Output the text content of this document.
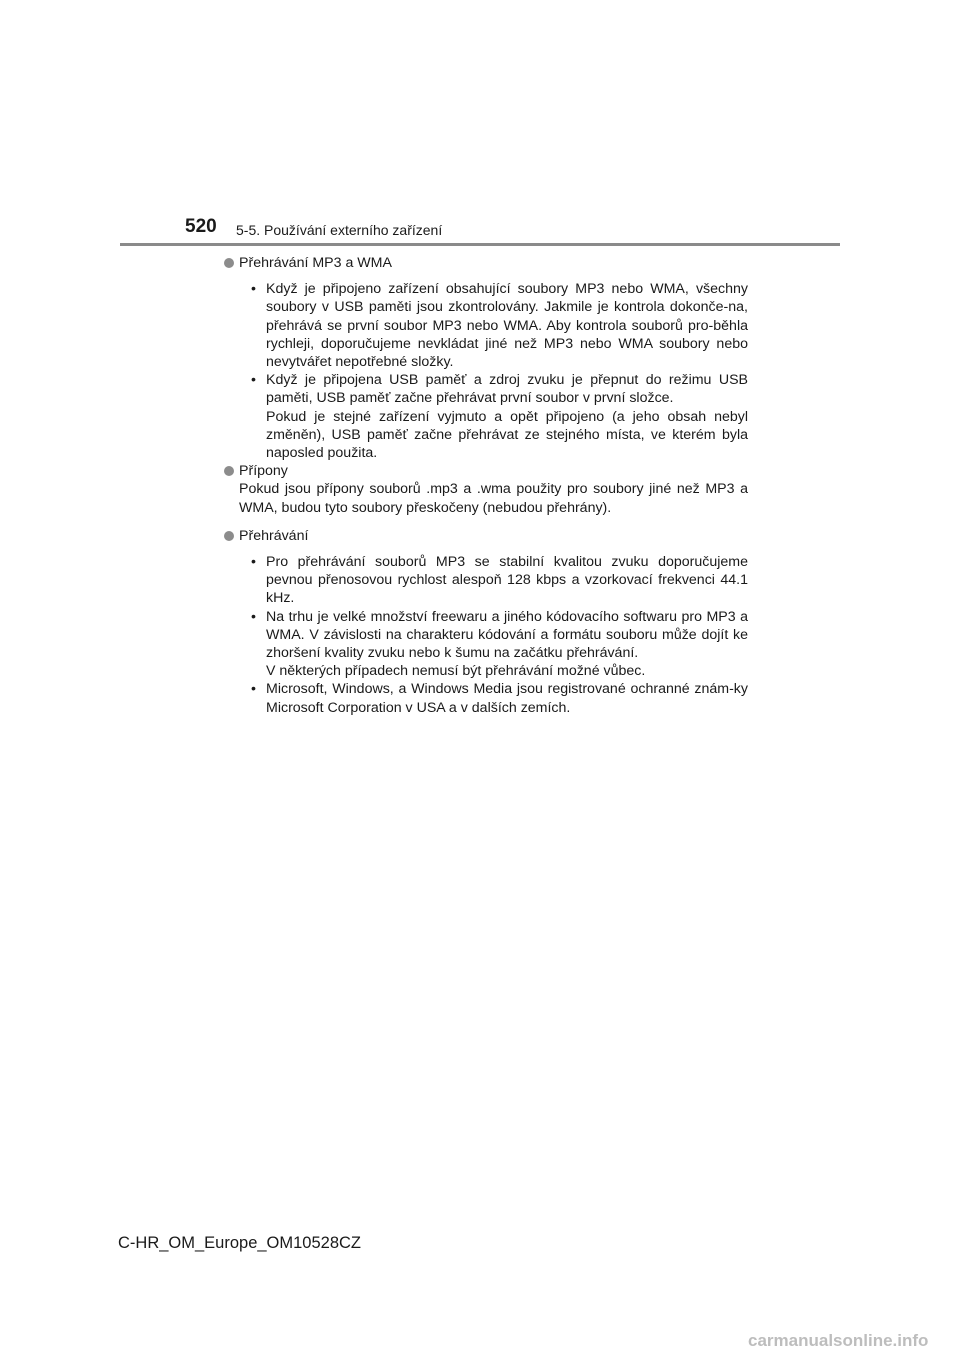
520 5-5. Používání externího zařízení
Přehrávání MP3 a WMA
• Když je připojeno zařízení obsahující soubory MP3 nebo WMA, všechny soubory v USB paměti jsou zkontrolovány. Jakmile je kontrola dokonče-na, přehrává se první soubor MP3 nebo WMA. Aby kontrola souborů pro-běhla rychleji, doporučujeme nevkládat jiné než MP3 nebo WMA soubory nebo nevytvářet nepotřebné složky.
• Když je připojena USB paměť a zdroj zvuku je přepnut do režimu USB paměti, USB paměť začne přehrávat první soubor v první složce.
Pokud je stejné zařízení vyjmuto a opět připojeno (a jeho obsah nebyl změněn), USB paměť začne přehrávat ze stejného místa, ve kterém byla naposled použita.
Přípony
Pokud jsou přípony souborů .mp3 a .wma použity pro soubory jiné než MP3 a WMA, budou tyto soubory přeskočeny (nebudou přehrány).
Přehrávání
• Pro přehrávání souborů MP3 se stabilní kvalitou zvuku doporučujeme pevnou přenosovou rychlost alespoň 128 kbps a vzorkovací frekvenci 44.1 kHz.
• Na trhu je velké množství freewaru a jiného kódovacího softwaru pro MP3 a WMA. V závislosti na charakteru kódování a formátu souboru může dojít ke zhoršení kvality zvuku nebo k šumu na začátku přehrávání.
V některých případech nemusí být přehrávání možné vůbec.
• Microsoft, Windows, a Windows Media jsou registrované ochranné znám-ky Microsoft Corporation v USA a v dalších zemích.
C-HR_OM_Europe_OM10528CZ
carmanualsonline.info
